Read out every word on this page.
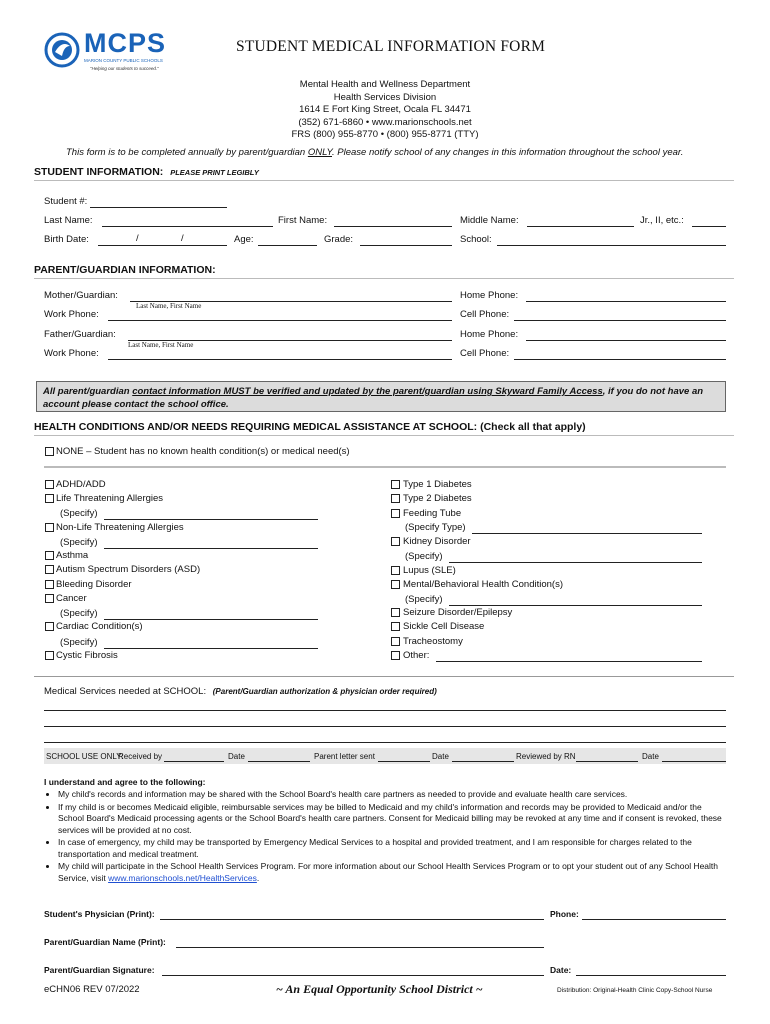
MCPS
MARION COUNTY PUBLIC SCHOOLS
"Helping our students to succeed."
STUDENT MEDICAL INFORMATION FORM
Mental Health and Wellness Department
Health Services Division
1614 E Fort King Street, Ocala FL 34471
(352) 671-6860 • www.marionschools.net
FRS (800) 955-8770 • (800) 955-8771 (TTY)
This form is to be completed annually by parent/guardian ONLY. Please notify school of any changes in this information throughout the school year.
STUDENT INFORMATION: PLEASE PRINT LEGIBLY
Student #:
Last Name:	First Name:	Middle Name:	Jr., II, etc.:
Birth Date:	/	/	Age:	Grade:	School:
PARENT/GUARDIAN INFORMATION:
Mother/Guardian:
Last Name, First Name
Home Phone:
Work Phone:	Cell Phone:
Father/Guardian:
Last Name, First Name
Home Phone:
Work Phone:	Cell Phone:
All parent/guardian contact information MUST be verified and updated by the parent/guardian using Skyward Family Access, if you do not have an account please contact the school office.
HEALTH CONDITIONS AND/OR NEEDS REQUIRING MEDICAL ASSISTANCE AT SCHOOL: (Check all that apply)
NONE – Student has no known health condition(s) or medical need(s)
ADHD/ADD
Life Threatening Allergies
(Specify)
Non-Life Threatening Allergies
(Specify)
Asthma
Autism Spectrum Disorders (ASD)
Bleeding Disorder
Cancer
(Specify)
Cardiac Condition(s)
(Specify)
Cystic Fibrosis
Type 1 Diabetes
Type 2 Diabetes
Feeding Tube
(Specify Type)
Kidney Disorder
(Specify)
Lupus (SLE)
Mental/Behavioral Health Condition(s)
(Specify)
Seizure Disorder/Epilepsy
Sickle Cell Disease
Tracheostomy
Other:
Medical Services needed at SCHOOL: (Parent/Guardian authorization & physician order required)
SCHOOL USE ONLY:
Received by	Date	Parent letter sent	Date	Reviewed by RN	Date
I understand and agree to the following:
• My child's records and information may be shared with the School Board's health care partners as needed to provide and evaluate health care services.
• If my child is or becomes Medicaid eligible, reimbursable services may be billed to Medicaid and my child's information and records may be provided to Medicaid and/or the School Board's Medicaid processing agents or the School Board's health care partners. Consent for Medicaid billing may be revoked at any time and if consent is revoked, these services will be provided at no cost.
• In case of emergency, my child may be transported by Emergency Medical Services to a hospital and provided treatment, and I am responsible for charges related to the transportation and medical treatment.
• My child will participate in the School Health Services Program. For more information about our School Health Services Program or to opt your student out of any School Health Service, visit www.marionschools.net/HealthServices.
Student's Physician (Print):	Phone:
Parent/Guardian Name (Print):
Parent/Guardian Signature:	Date:
eCHN06 REV 07/2022	~ An Equal Opportunity School District ~	Distribution: Original-Health Clinic Copy-School Nurse
